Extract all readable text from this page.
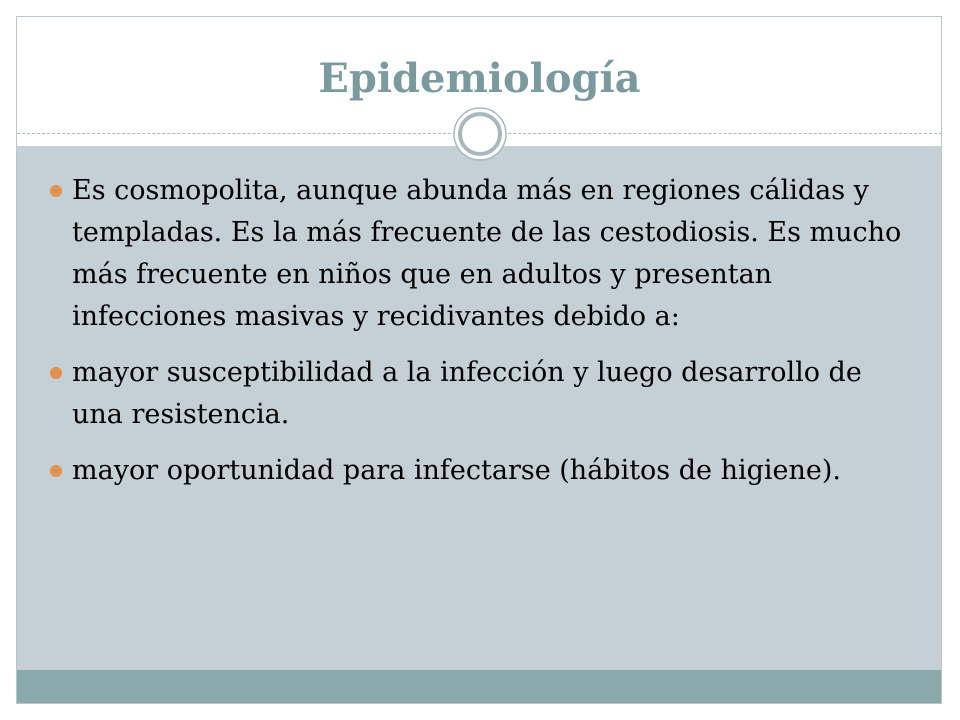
Epidemiología
Es cosmopolita, aunque abunda más en regiones cálidas y templadas. Es la más frecuente de las cestodiosis. Es mucho más frecuente en niños que en adultos y presentan infecciones masivas y recidivantes debido a:
mayor susceptibilidad a la infección y luego desarrollo de una resistencia.
mayor oportunidad para infectarse (hábitos de higiene).
